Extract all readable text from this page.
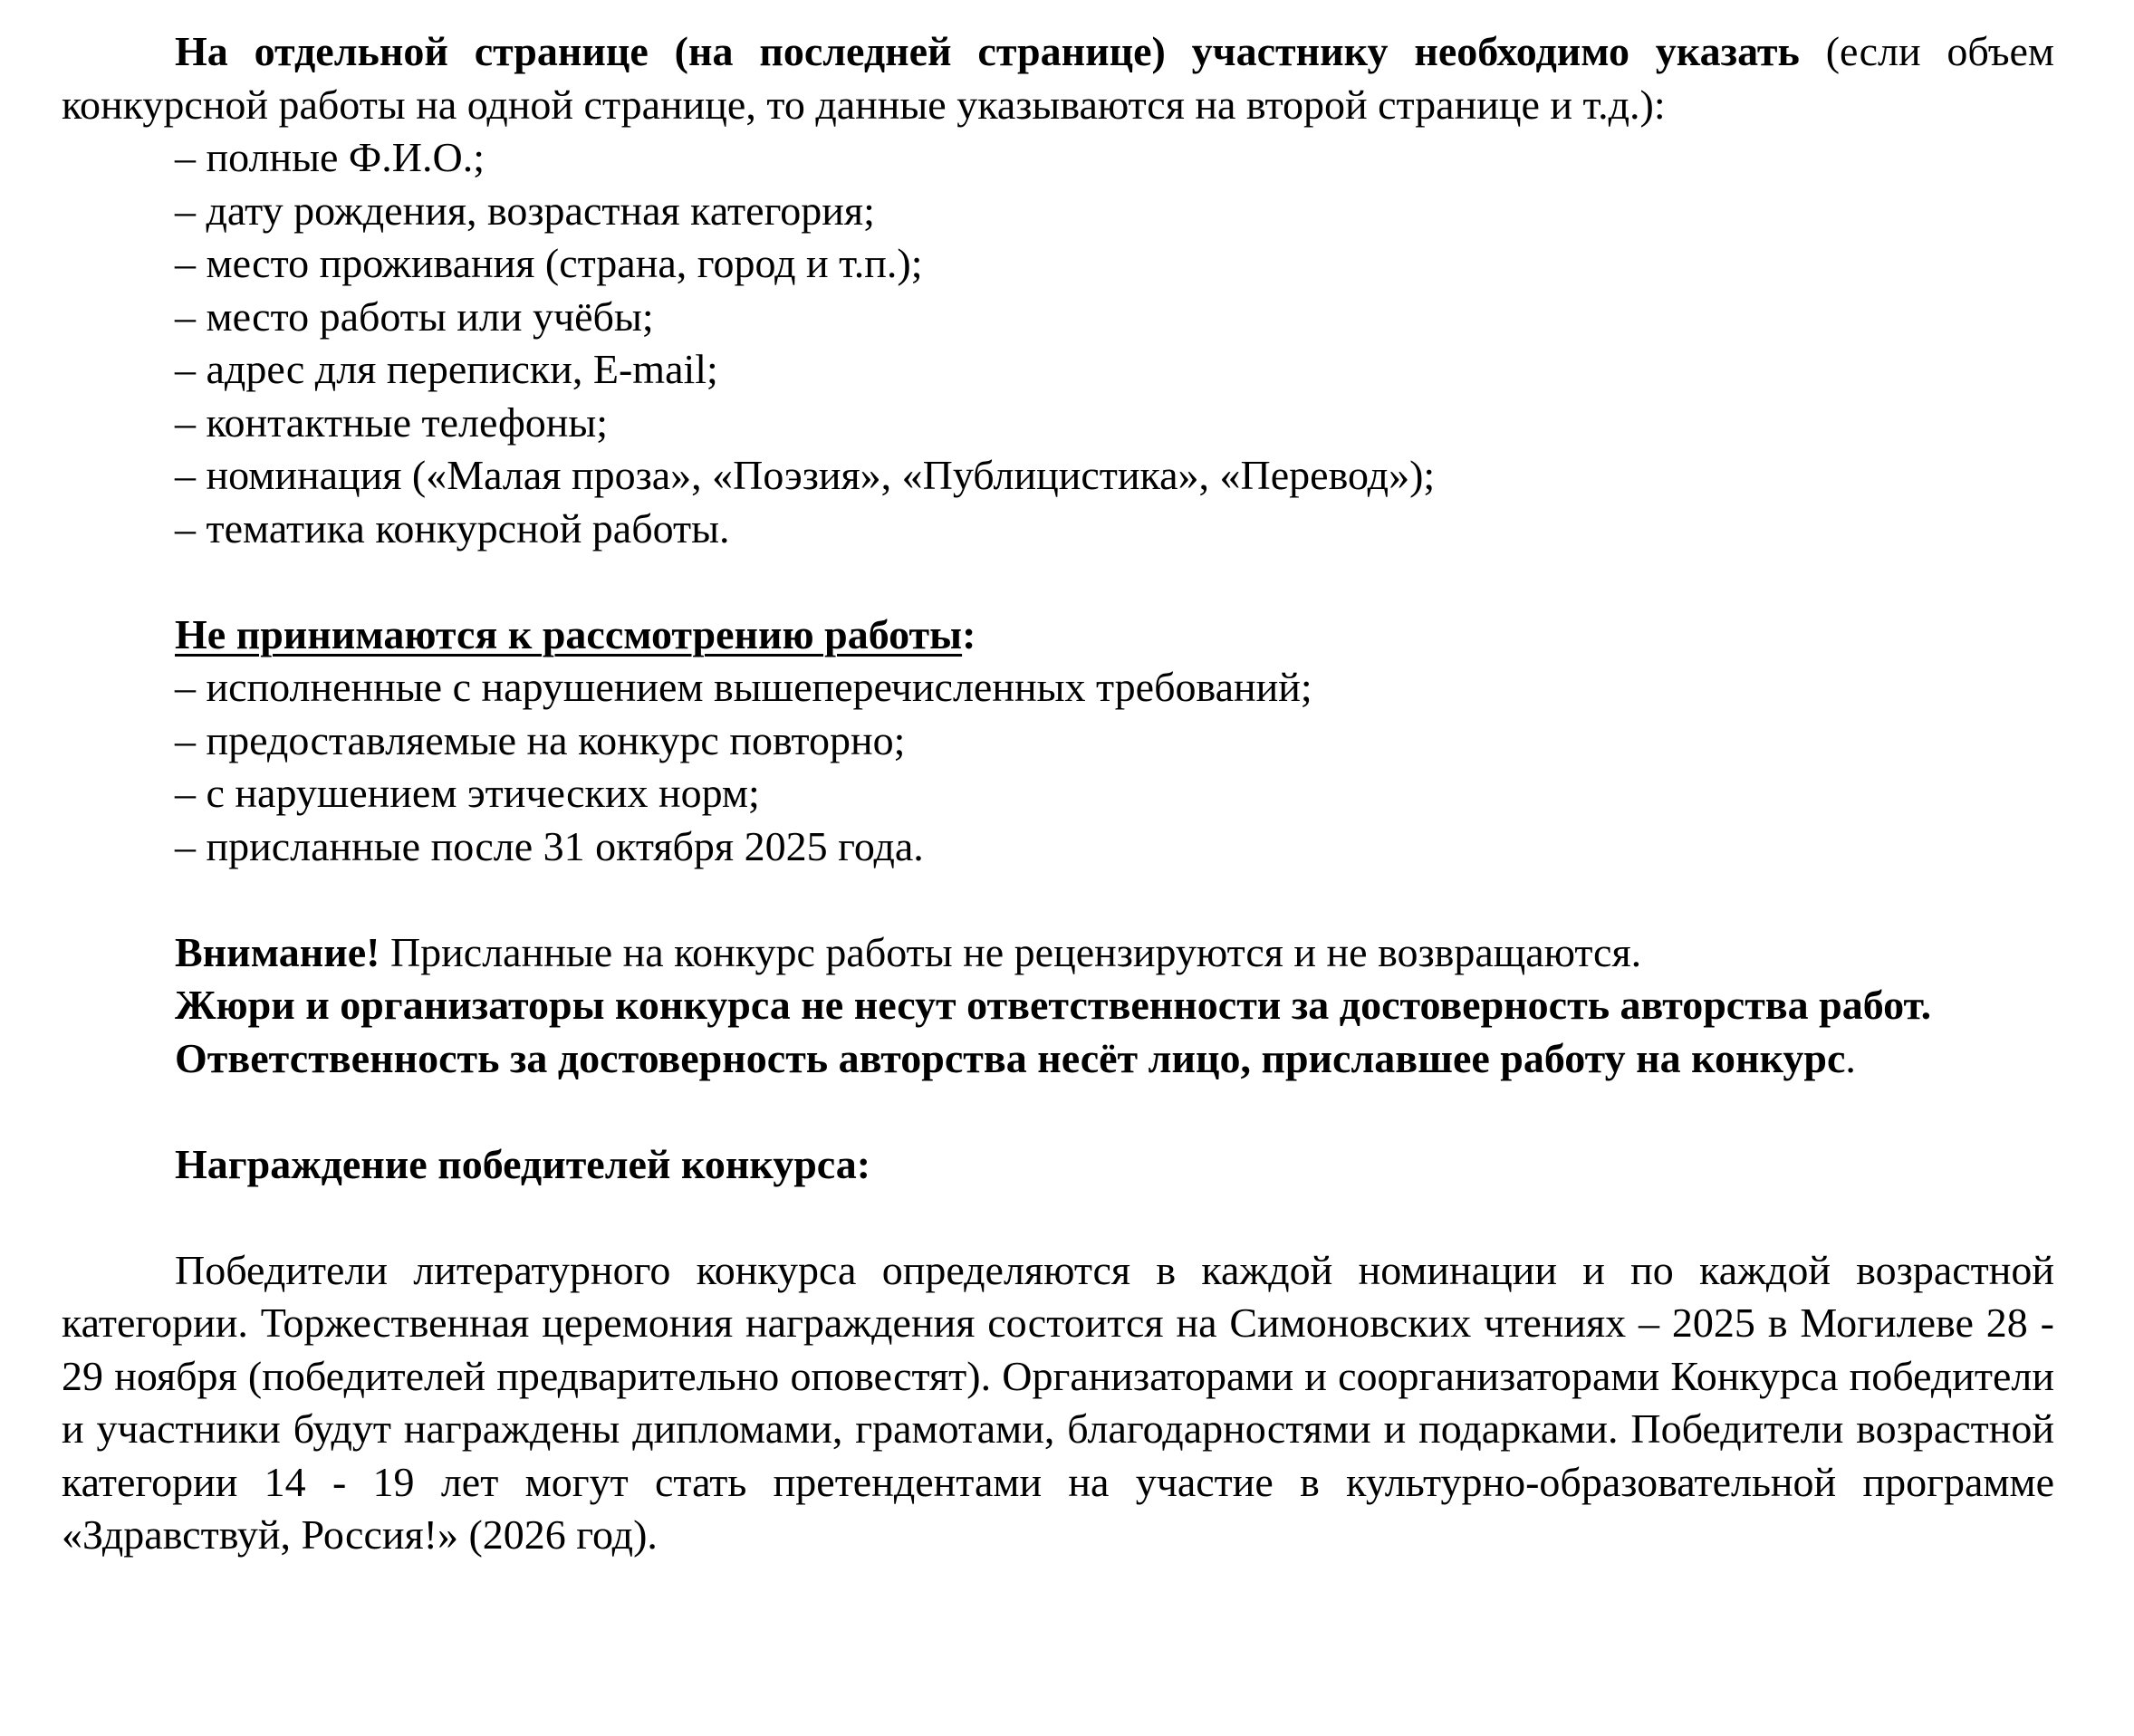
На отдельной странице (на последней странице) участнику необходимо указать (если объем конкурсной работы на одной странице, то данные указываются на второй странице и т.д.):

– полные Ф.И.О.;
– дату рождения, возрастная категория;
– место проживания (страна, город и т.п.);
– место работы или учёбы;
– адрес для переписки, E-mail;
– контактные телефоны;
– номинация («Малая проза», «Поэзия», «Публицистика», «Перевод»);
– тематика конкурсной работы.
Не принимаются к рассмотрению работы:
– исполненные с нарушением вышеперечисленных требований;
– предоставляемые на конкурс повторно;
– с нарушением этических норм;
– присланные после 31 октября 2025 года.

Внимание! Присланные на конкурс работы не рецензируются и не возвращаются.

Жюри и организаторы конкурса не несут ответственности за достоверность авторства работ.

Ответственность за достоверность авторства несёт лицо, приславшее работу на конкурс.

Награждение победителей конкурса:

Победители литературного конкурса определяются в каждой номинации и по каждой возрастной категории. Торжественная церемония награждения состоится на Симоновских чтениях – 2025 в Могилеве 28 - 29 ноября (победителей предварительно оповестят). Организаторами и соорганизаторами Конкурса победители и участники будут награждены дипломами, грамотами, благодарностями и подарками. Победители возрастной категории 14 - 19 лет могут стать претендентами на участие в культурно-образовательной программе «Здравствуй, Россия!» (2026 год).
